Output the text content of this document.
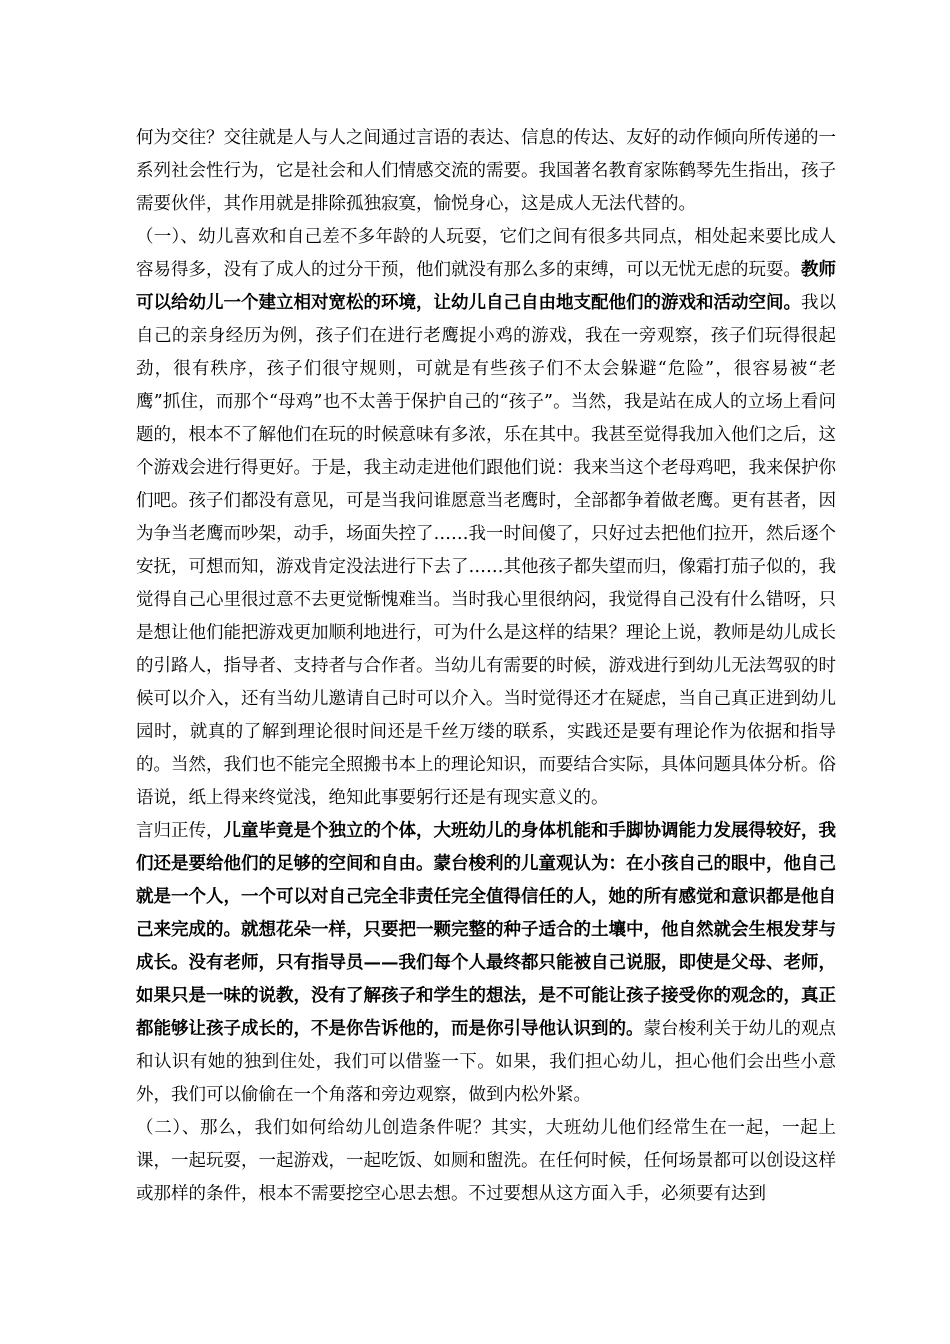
何为交往？交往就是人与人之间通过言语的表达、信息的传达、友好的动作倾向所传递的一系列社会性行为，它是社会和人们情感交流的需要。我国著名教育家陈鹤琴先生指出，孩子需要伙伴，其作用就是排除孤独寂寞，愉悦身心，这是成人无法代替的。

（一）、幼儿喜欢和自己差不多年龄的人玩耍，它们之间有很多共同点，相处起来要比成人容易得多，没有了成人的过分干预，他们就没有那么多的束缚，可以无忧无虑的玩耍。教师可以给幼儿一个建立相对宽松的环境，让幼儿自己自由地支配他们的游戏和活动空间。我以自己的亲身经历为例，孩子们在进行老鹰捉小鸡的游戏，我在一旁观察，孩子们玩得很起劲，很有秩序，孩子们很守规则，可就是有些孩子们不太会躲避“危险”，很容易被“老鹰”抓住，而那个“母鸡”也不太善于保护自己的“孩子”。当然，我是站在成人的立场上看问题的，根本不了解他们在玩的时候意味有多浓，乐在其中。我甚至觉得我加入他们之后，这个游戏会进行得更好。于是，我主动走进他们跟他们说：我来当这个老母鸡吧，我来保护你们吧。孩子们都没有意见，可是当我问谁愿意当老鹰时，全部都争着做老鹰。更有甚者，因为争当老鹰而吵架，动手，场面失控了……我一时间傻了，只好过去把他们拉开，然后逐个安抚，可想而知，游戏肯定没法进行下去了……其他孩子都失望而归，像霜打茄子似的，我觉得自己心里很过意不去更觉惭愧难当。当时我心里很纳闷，我觉得自己没有什么错呀，只是想让他们能把游戏更加顺利地进行，可为什么是这样的结果？理论上说，教师是幼儿成长的引路人，指导者、支持者与合作者。当幼儿有需要的时候，游戏进行到幼儿无法驾驭的时候可以介入，还有当幼儿邀请自己时可以介入。当时觉得还才在疑虑，当自己真正进到幼儿园时，就真的了解到理论很时间还是千丝万缕的联系，实践还是要有理论作为依据和指导的。当然，我们也不能完全照搬书本上的理论知识，而要结合实际，具体问题具体分析。俗语说，纸上得来终觉浅，绝知此事要躬行还是有现实意义的。

言归正传，儿童毕竟是个独立的个体，大班幼儿的身体机能和手脚协调能力发展得较好，我们还是要给他们的足够的空间和自由。蒙台梭利的儿童观认为：在小孩自己的眼中，他自己就是一个人，一个可以对自己完全非责任完全值得信任的人，她的所有感觉和意识都是他自己来完成的。就想花朵一样，只要把一颗完整的种子适合的土壤中，他自然就会生根发芽与成长。没有老师，只有指导员——我们每个人最终都只能被自己说服，即使是父母、老师，如果只是一味的说教，没有了解孩子和学生的想法，是不可能让孩子接受你的观念的，真正都能够让孩子成长的，不是你告诉他的，而是你引导他认识到的。蒙台梭利关于幼儿的观点和认识有她的独到住处，我们可以借鉴一下。如果，我们担心幼儿，担心他们会出些小意外，我们可以偷偷在一个角落和旁边观察，做到内松外紧。

（二）、那么，我们如何给幼儿创造条件呢？其实，大班幼儿他们经常生在一起，一起上课，一起玩耍，一起游戏，一起吃饭、如厕和盥洗。在任何时候，任何场景都可以创设这样或那样的条件，根本不需要挖空心思去想。不过要想从这方面入手，必须要有达到
